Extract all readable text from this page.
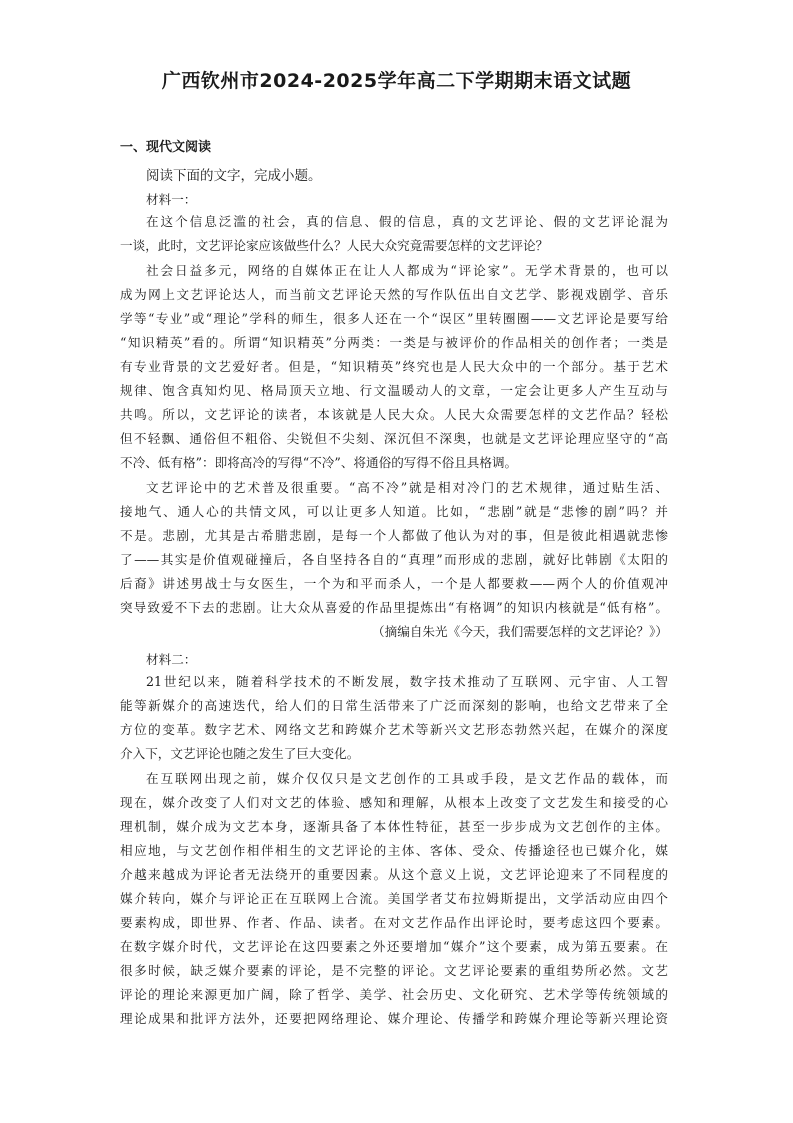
广西钦州市2024-2025学年高二下学期期末语文试题
一、现代文阅读
阅读下面的文字，完成小题。
材料一：
在这个信息泛滥的社会，真的信息、假的信息，真的文艺评论、假的文艺评论混为
一谈，此时，文艺评论家应该做些什么？人民大众究竟需要怎样的文艺评论？
社会日益多元，网络的自媒体正在让人人都成为“评论家”。无学术背景的，也可以
成为网上文艺评论达人，而当前文艺评论天然的写作队伍出自文艺学、影视戏剧学、音乐
学等“专业”或“理论”学科的师生，很多人还在一个“误区”里转圈圈——文艺评论是要写给
“知识精英”看的。所谓“知识精英”分两类：一类是与被评价的作品相关的创作者；一类是
有专业背景的文艺爱好者。但是，“知识精英”终究也是人民大众中的一个部分。基于艺术
规律、饱含真知灼见、格局顶天立地、行文温暖动人的文章，一定会让更多人产生互动与
共鸣。所以，文艺评论的读者，本该就是人民大众。人民大众需要怎样的文艺作品？轻松
但不轻飘、通俗但不粗俗、尖锐但不尖刻、深沉但不深奥，也就是文艺评论理应坚守的“高
不冷、低有格”：即将高冷的写得“不冷”、将通俗的写得不俗且具格调。
文艺评论中的艺术普及很重要。“高不冷”就是相对冷门的艺术规律，通过贴生活、
接地气、通人心的共情文风，可以让更多人知道。比如，“悲剧”就是“悲惨的剧”吗？并
不是。悲剧，尤其是古希腊悲剧，是每一个人都做了他认为对的事，但是彼此相遇就悲惨
了——其实是价值观碰撞后，各自坚持各自的“真理”而形成的悲剧，就好比韩剧《太阳的
后裔》讲述男战士与女医生，一个为和平而杀人，一个是人都要救——两个人的价值观冲
突导致爱不下去的悲剧。让大众从喜爱的作品里提炼出“有格调”的知识内核就是“低有格”。
（摘编自朱光《今天，我们需要怎样的文艺评论？》）
材料二：
21世纪以来，随着科学技术的不断发展，数字技术推动了互联网、元宇宙、人工智
能等新媒介的高速迭代，给人们的日常生活带来了广泛而深刻的影响，也给文艺带来了全
方位的变革。数字艺术、网络文艺和跨媒介艺术等新兴文艺形态勃然兴起，在媒介的深度
介入下，文艺评论也随之发生了巨大变化。
在互联网出现之前，媒介仅仅只是文艺创作的工具或手段，是文艺作品的载体，而
现在，媒介改变了人们对文艺的体验、感知和理解，从根本上改变了文艺发生和接受的心
理机制，媒介成为文艺本身，逐渐具备了本体性特征，甚至一步步成为文艺创作的主体。
相应地，与文艺创作相伴相生的文艺评论的主体、客体、受众、传播途径也已媒介化，媒
介越来越成为评论者无法绕开的重要因素。从这个意义上说，文艺评论迎来了不同程度的
媒介转向，媒介与评论正在互联网上合流。美国学者艾布拉姆斯提出，文学活动应由四个
要素构成，即世界、作者、作品、读者。在对文艺作品作出评论时，要考虑这四个要素。
在数字媒介时代，文艺评论在这四要素之外还要增加“媒介”这个要素，成为第五要素。在
很多时候，缺乏媒介要素的评论，是不完整的评论。文艺评论要素的重组势所必然。文艺
评论的理论来源更加广阔，除了哲学、美学、社会历史、文化研究、艺术学等传统领域的
理论成果和批评方法外，还要把网络理论、媒介理论、传播学和跨媒介理论等新兴理论资
